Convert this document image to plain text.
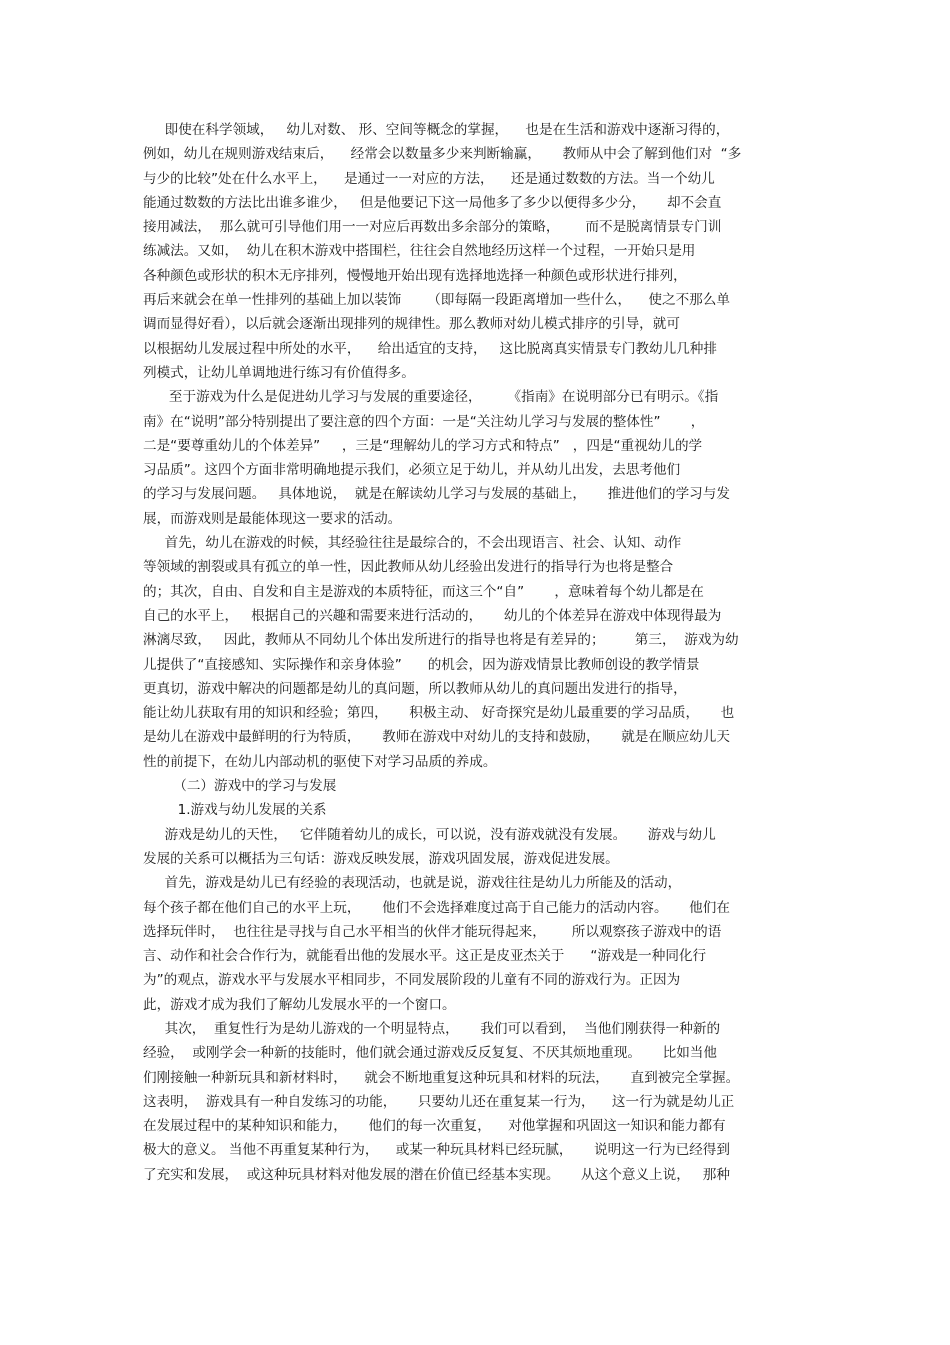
即使在科学领域，   幼儿对数、 形、空间等概念的掌握，    也是在生活和游戏中逐渐习得的，
例如，幼儿在规则游戏结束后，    经常会以数量多少来判断输赢，     教师从中会了解到他们对  “多
与少的比较”处在什么水平上，    是通过一一对应的方法，    还是通过数数的方法。当一个幼儿
能通过数数的方法比出谁多谁少，   但是他要记下这一局他多了多少以便得多少分，     却不会直
接用减法，  那么就可引导他们用一一对应后再数出多余部分的策略，      而不是脱离情景专门训
练减法。又如，  幼儿在积木游戏中搭围栏，往往会自然地经历这样一个过程，一开始只是用
各种颜色或形状的积木无序排列，慢慢地开始出现有选择地选择一种颜色或形状进行排列，
再后来就会在单一性排列的基础上加以装饰      （即每隔一段距离增加一些什么，    使之不那么单
调而显得好看），以后就会逐渐出现排列的规律性。那么教师对幼儿模式排序的引导，就可
以根据幼儿发展过程中所处的水平，    给出适宜的支持，   这比脱离真实情景专门教幼儿几种排
列模式，让幼儿单调地进行练习有价值得多。
至于游戏为什么是促进幼儿学习与发展的重要途径，      《指南》在说明部分已有明示。《指
南》在“说明”部分特别提出了要注意的四个方面：一是“关注幼儿学习与发展的整体性”       ，
二是“要尊重幼儿的个体差异”     ，三是“理解幼儿的学习方式和特点”   ，四是“重视幼儿的学
习品质”。这四个方面非常明确地提示我们，必须立足于幼儿，并从幼儿出发，去思考他们
的学习与发展问题。   具体地说，  就是在解读幼儿学习与发展的基础上，     推进他们的学习与发
展，而游戏则是最能体现这一要求的活动。
首先，幼儿在游戏的时候，其经验往往是最综合的，不会出现语言、社会、认知、动作
等领域的割裂或具有孤立的单一性，因此教师从幼儿经验出发进行的指导行为也将是整合
的；其次，自由、自发和自主是游戏的本质特征，而这三个“自”       ，意味着每个幼儿都是在
自己的水平上，   根据自己的兴趣和需要来进行活动的，     幼儿的个体差异在游戏中体现得最为
淋漓尽致，   因此，教师从不同幼儿个体出发所进行的指导也将是有差异的；       第三，  游戏为幼
儿提供了“直接感知、实际操作和亲身体验”      的机会，因为游戏情景比教师创设的教学情景
更真切，游戏中解决的问题都是幼儿的真问题，所以教师从幼儿的真问题出发进行的指导，
能让幼儿获取有用的知识和经验；第四，     积极主动、 好奇探究是幼儿最重要的学习品质，     也
是幼儿在游戏中最鲜明的行为特质，     教师在游戏中对幼儿的支持和鼓励，     就是在顺应幼儿天
性的前提下，在幼儿内部动机的驱使下对学习品质的养成。
（二）游戏中的学习与发展
1.游戏与幼儿发展的关系
游戏是幼儿的天性，   它伴随着幼儿的成长，可以说，没有游戏就没有发展。     游戏与幼儿
发展的关系可以概括为三句话：游戏反映发展，游戏巩固发展，游戏促进发展。
首先，游戏是幼儿已有经验的表现活动，也就是说，游戏往往是幼儿力所能及的活动，
每个孩子都在他们自己的水平上玩，     他们不会选择难度过高于自己能力的活动内容。     他们在
选择玩伴时，  也往往是寻找与自己水平相当的伙伴才能玩得起来，      所以观察孩子游戏中的语
言、动作和社会合作行为，就能看出他的发展水平。这正是皮亚杰关于      “游戏是一种同化行
为”的观点，游戏水平与发展水平相同步，不同发展阶段的儿童有不同的游戏行为。正因为
此，游戏才成为我们了解幼儿发展水平的一个窗口。
其次，  重复性行为是幼儿游戏的一个明显特点，     我们可以看到，  当他们刚获得一种新的
经验，  或刚学会一种新的技能时，他们就会通过游戏反反复复、不厌其烦地重现。     比如当他
们刚接触一种新玩具和新材料时，    就会不断地重复这种玩具和材料的玩法，     直到被完全掌握。
这表明，  游戏具有一种自发练习的功能，     只要幼儿还在重复某一行为，    这一行为就是幼儿正
在发展过程中的某种知识和能力，     他们的每一次重复，    对他掌握和巩固这一知识和能力都有
极大的意义。 当他不再重复某种行为，    或某一种玩具材料已经玩腻，     说明这一行为已经得到
了充实和发展，  或这种玩具材料对他发展的潜在价值已经基本实现。     从这个意义上说，   那种
